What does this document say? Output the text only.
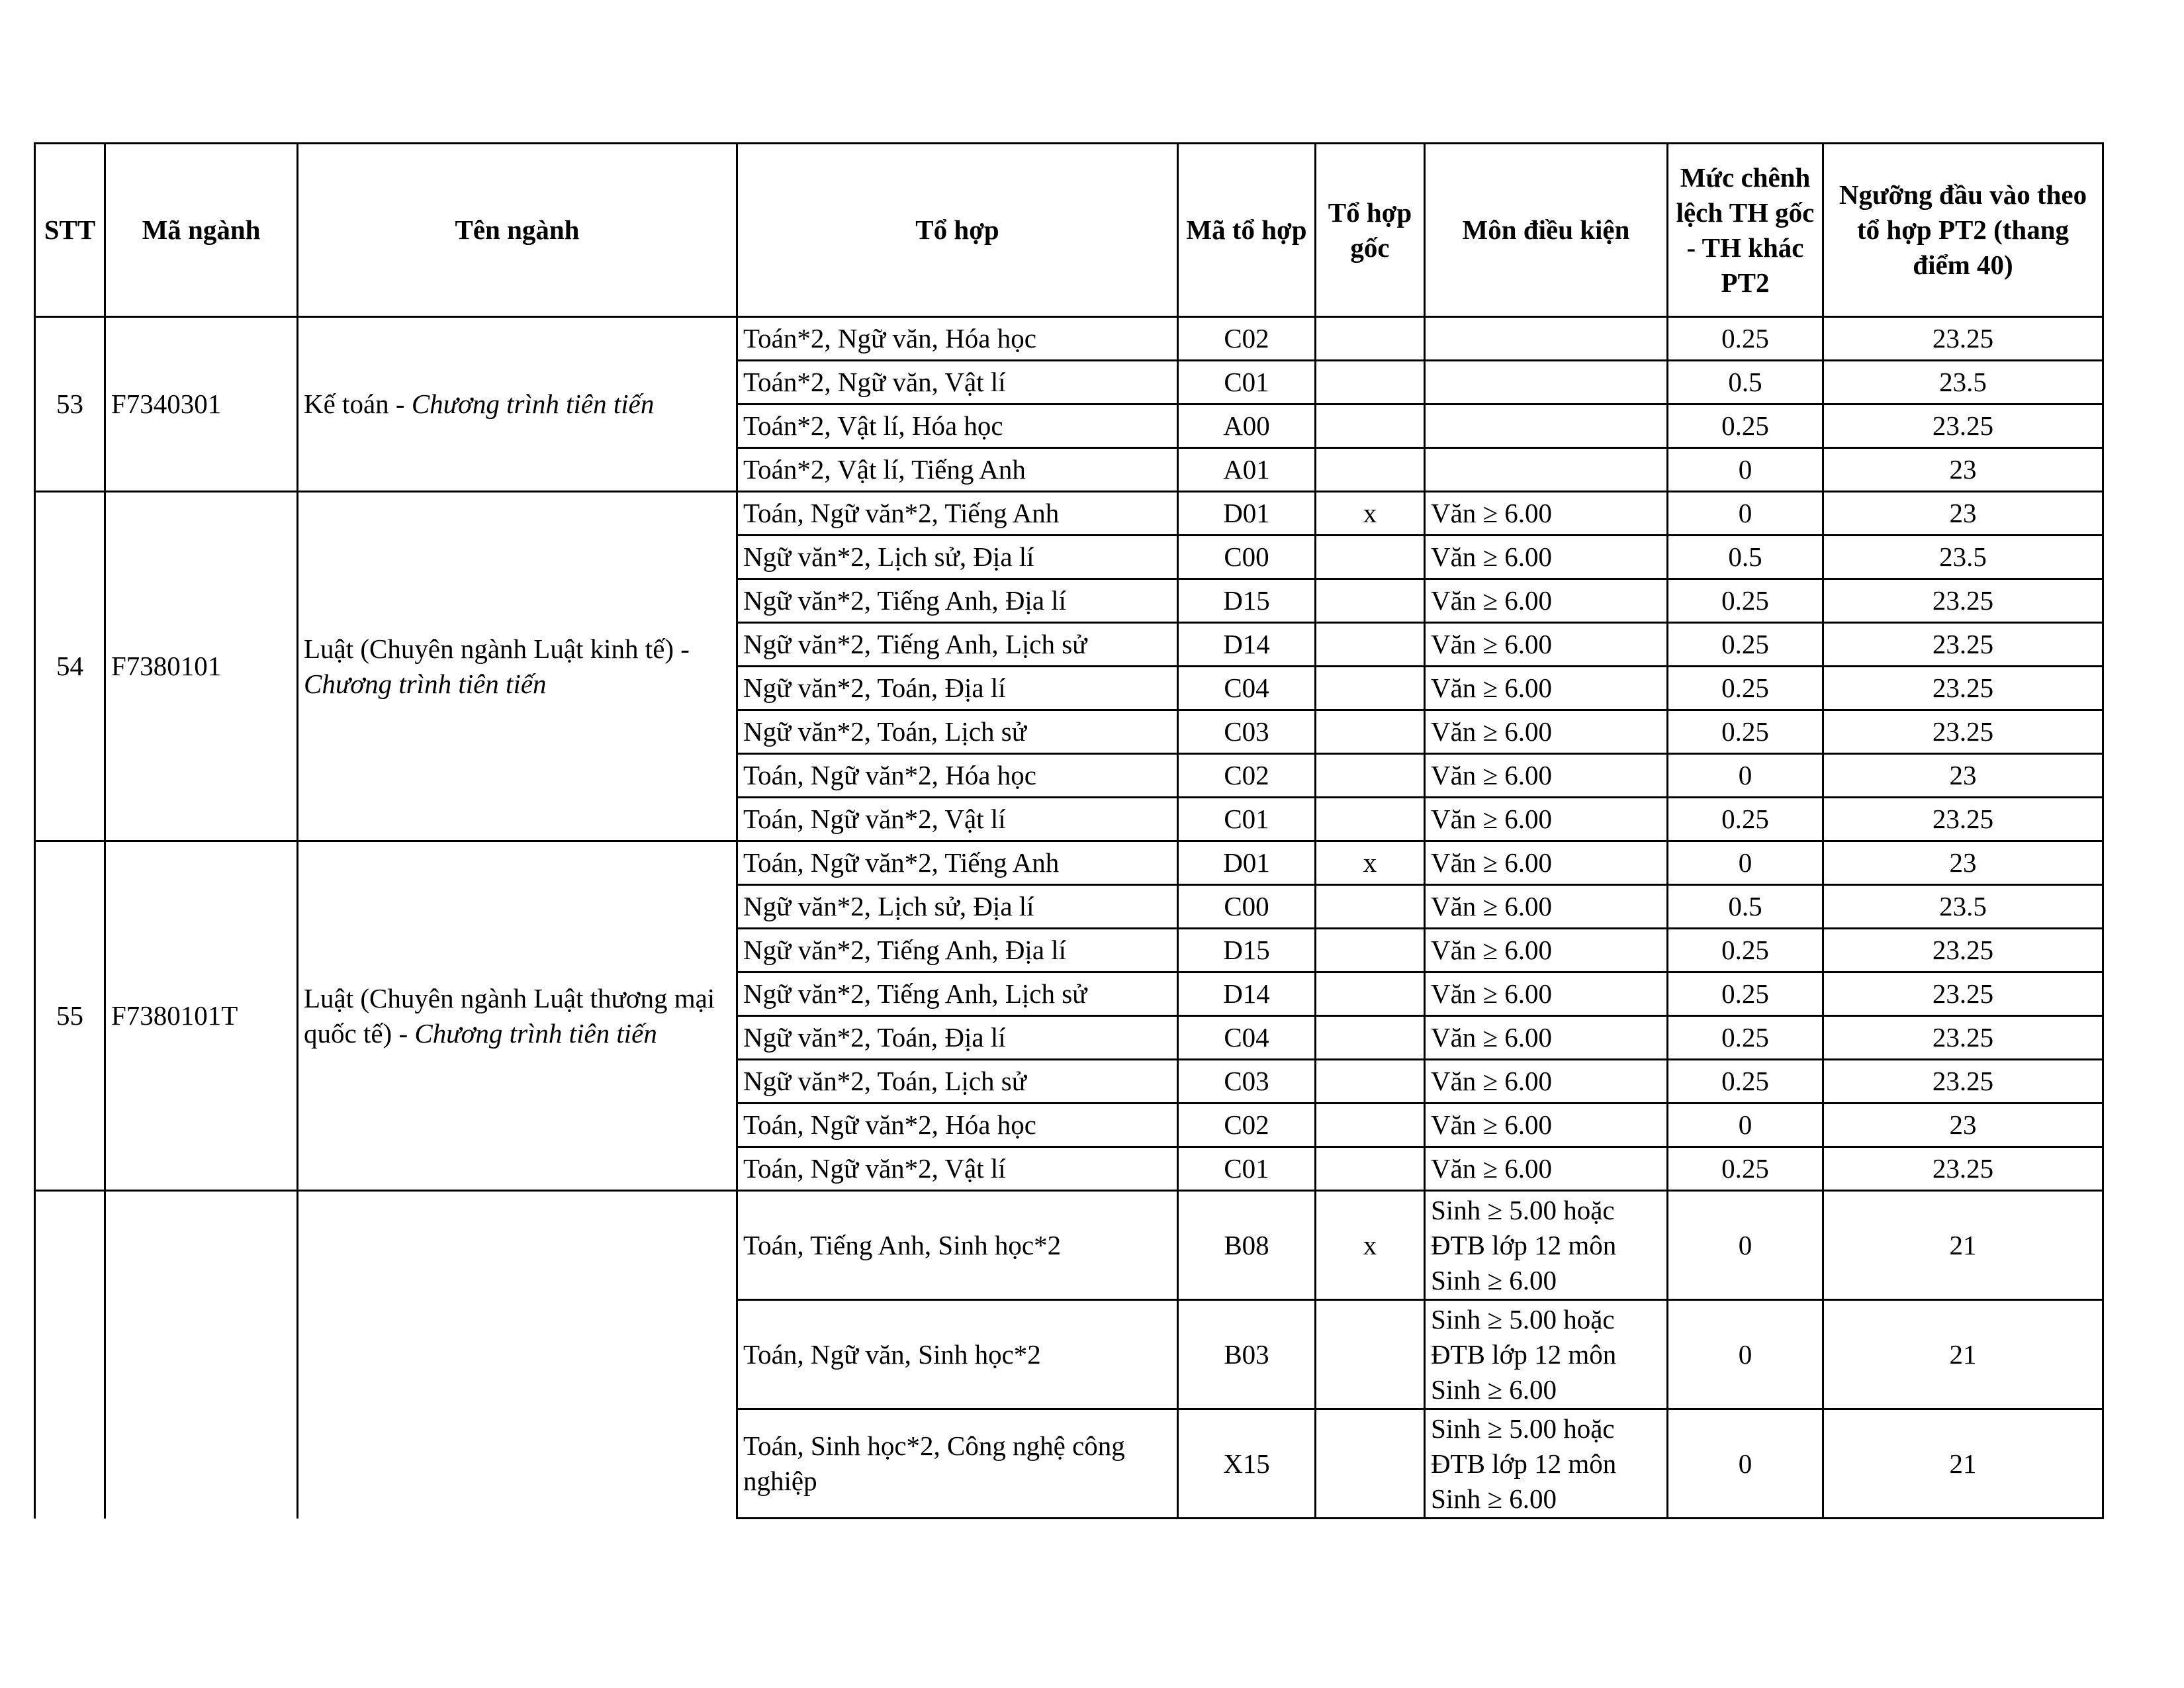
STT	Mã ngành	Tên ngành	Tổ hợp	Mã tổ hợp	Tổ hợp gốc	Môn điều kiện	Mức chênh lệch TH gốc - TH khác PT2	Ngưỡng đầu vào theo tổ hợp PT2 (thang điểm 40)
53	F7340301	Kế toán - Chương trình tiên tiến	Toán*2, Ngữ văn, Hóa học	C02			0.25	23.25
			Toán*2, Ngữ văn, Vật lí	C01			0.5	23.5
			Toán*2, Vật lí, Hóa học	A00			0.25	23.25
			Toán*2, Vật lí, Tiếng Anh	A01			0	23
54	F7380101	Luật (Chuyên ngành Luật kinh tế) - Chương trình tiên tiến	Toán, Ngữ văn*2, Tiếng Anh	D01	x	Văn ≥ 6.00	0	23
			Ngữ văn*2, Lịch sử, Địa lí	C00		Văn ≥ 6.00	0.5	23.5
			Ngữ văn*2, Tiếng Anh, Địa lí	D15		Văn ≥ 6.00	0.25	23.25
			Ngữ văn*2, Tiếng Anh, Lịch sử	D14		Văn ≥ 6.00	0.25	23.25
			Ngữ văn*2, Toán, Địa lí	C04		Văn ≥ 6.00	0.25	23.25
			Ngữ văn*2, Toán, Lịch sử	C03		Văn ≥ 6.00	0.25	23.25
			Toán, Ngữ văn*2, Hóa học	C02		Văn ≥ 6.00	0	23
			Toán, Ngữ văn*2, Vật lí	C01		Văn ≥ 6.00	0.25	23.25
55	F7380101T	Luật (Chuyên ngành Luật thương mại quốc tế) - Chương trình tiên tiến	Toán, Ngữ văn*2, Tiếng Anh	D01	x	Văn ≥ 6.00	0	23
			Ngữ văn*2, Lịch sử, Địa lí	C00		Văn ≥ 6.00	0.5	23.5
			Ngữ văn*2, Tiếng Anh, Địa lí	D15		Văn ≥ 6.00	0.25	23.25
			Ngữ văn*2, Tiếng Anh, Lịch sử	D14		Văn ≥ 6.00	0.25	23.25
			Ngữ văn*2, Toán, Địa lí	C04		Văn ≥ 6.00	0.25	23.25
			Ngữ văn*2, Toán, Lịch sử	C03		Văn ≥ 6.00	0.25	23.25
			Toán, Ngữ văn*2, Hóa học	C02		Văn ≥ 6.00	0	23
			Toán, Ngữ văn*2, Vật lí	C01		Văn ≥ 6.00	0.25	23.25
			Toán, Tiếng Anh, Sinh học*2	B08	x	Sinh ≥ 5.00 hoặc
ĐTB lớp 12 môn
Sinh ≥ 6.00	0	21
			Toán, Ngữ văn, Sinh học*2	B03		Sinh ≥ 5.00 hoặc
ĐTB lớp 12 môn
Sinh ≥ 6.00	0	21
			Toán, Sinh học*2, Công nghệ công nghiệp	X15		Sinh ≥ 5.00 hoặc
ĐTB lớp 12 môn
Sinh ≥ 6.00	0	21
